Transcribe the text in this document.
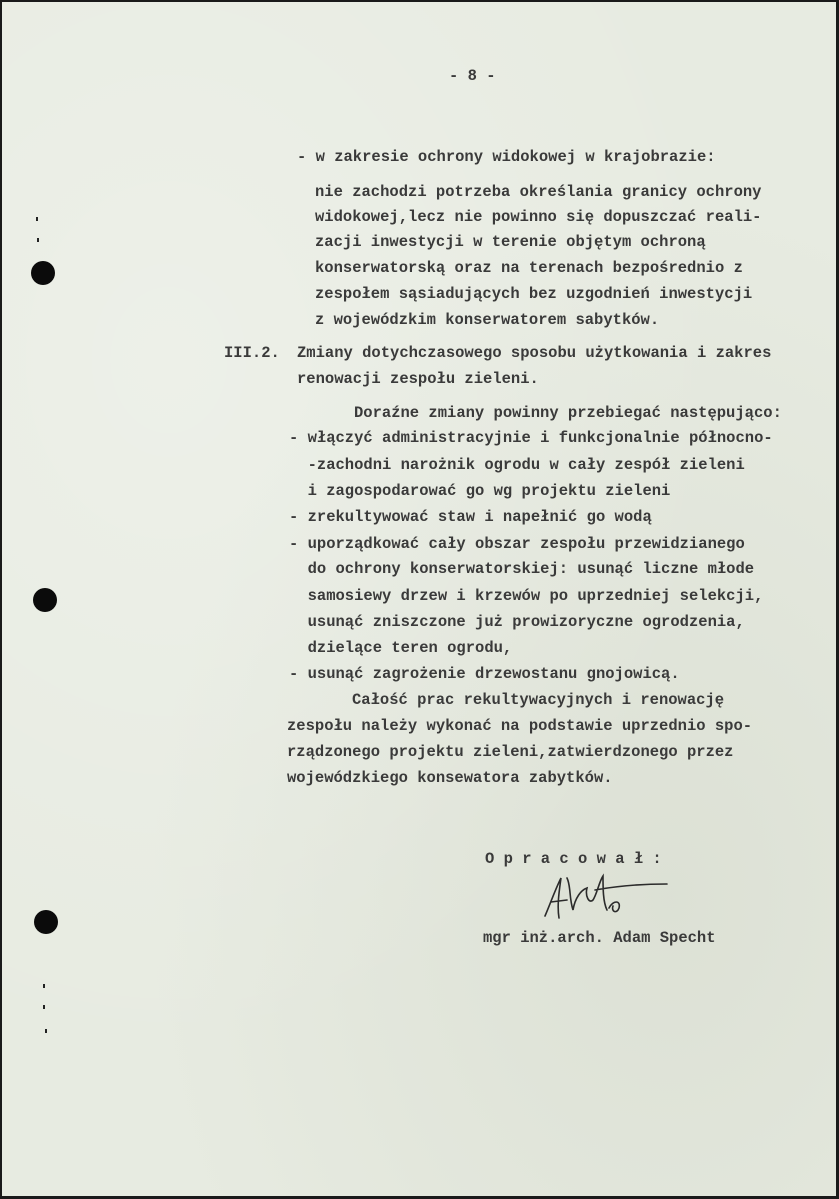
- 8 -
- w zakresie ochrony widokowej w krajobrazie:
nie zachodzi potrzeba określania granicy ochrony
widokowej,lecz nie powinno się dopuszczać reali-
zacji inwestycji w terenie objętym ochroną
konserwatorską oraz na terenach bezpośrednio z
zespołem sąsiadujących bez uzgodnień inwestycji
z wojewódzkim konserwatorem sabytków.
III.2. Zmiany dotychczasowego sposobu użytkowania i zakres
renowacji zespołu zieleni.
Doraźne zmiany powinny przebiegać następująco:
- włączyć administracyjnie i funkcjonalnie północno-
-zachodni narożnik ogrodu w cały zespół zieleni
i zagospodarować go wg projektu zieleni
- zrekultywować staw i napełnić go wodą
- uporządkować cały obszar zespołu przewidzianego
do ochrony konserwatorskiej: usunąć liczne młode
samosiewy drzew i krzewów po uprzedniej selekcji,
usunąć zniszczone już prowizoryczne ogrodzenia,
dzielące teren ogrodu,
- usunąć zagrożenie drzewostanu gnojowicą.
Całość prac rekultywacyjnych i renowację
zespołu należy wykonać na podstawie uprzednio spo-
rządzonego projektu zieleni,zatwierdzonego przez
wojewódzkiego konsewatora zabytków.
O p r a c o w a ł :
mgr inż.arch. Adam Specht
